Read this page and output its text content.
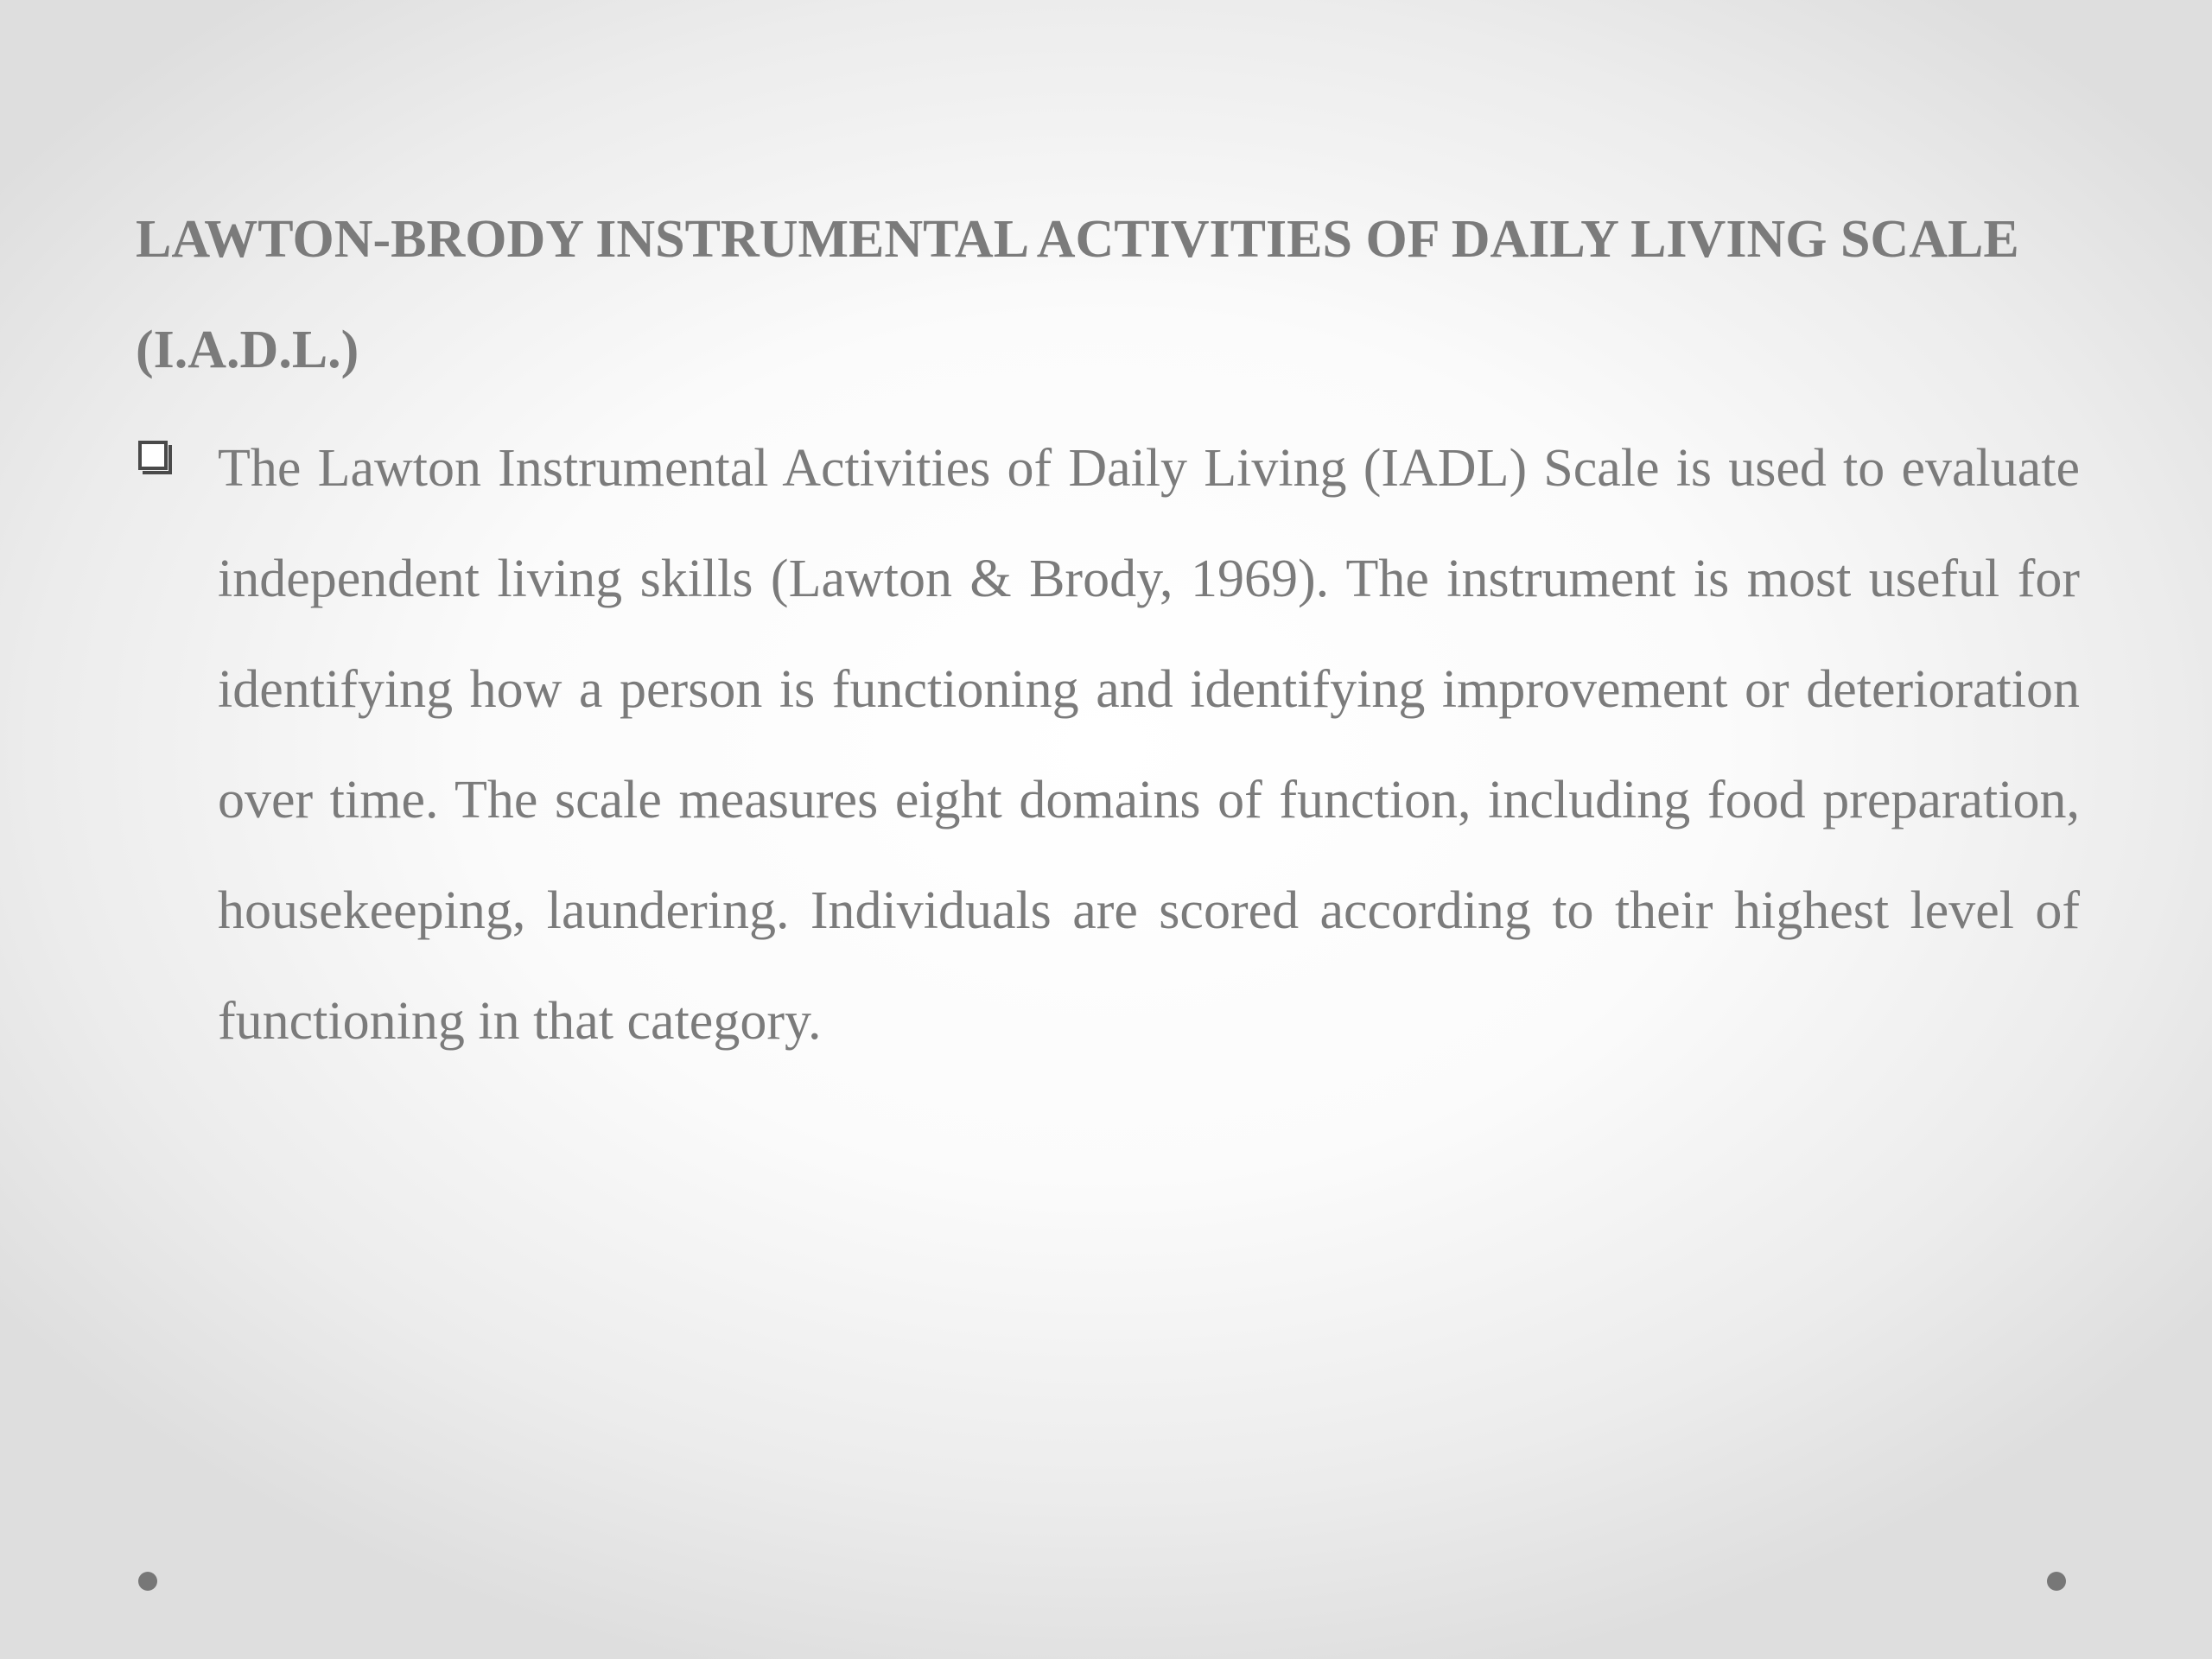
LAWTON-BRODY INSTRUMENTAL ACTIVITIES OF DAILY LIVING SCALE (I.A.D.L.)

The Lawton Instrumental Activities of Daily Living (IADL) Scale is used to evaluate independent living skills (Lawton & Brody, 1969). The instrument is most useful for identifying how a person is functioning and identifying improvement or deterioration over time. The scale measures eight domains of function, including food preparation, housekeeping, laundering. Individuals are scored according to their highest level of functioning in that category.
